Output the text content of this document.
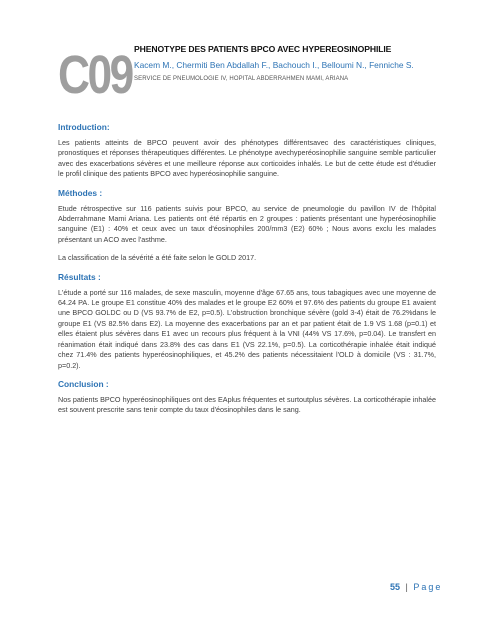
C09 PHENOTYPE DES PATIENTS BPCO AVEC HYPEREOSINOPHILIE

Kacem M., Chermiti Ben Abdallah F., Bachouch I., Belloumi N., Fenniche S.

SERVICE DE PNEUMOLOGIE IV, HOPITAL ABDERRAHMEN MAMI, ARIANA

Introduction:

Les patients atteints de BPCO peuvent avoir des phénotypes différentsavec des caractéristiques cliniques, pronostiques et réponses thérapeutiques différentes. Le phénotype avechyperéosinophilie sanguine semble particulier avec des exacerbations sévères et une meilleure réponse aux corticoides inhalés. Le but de cette étude est d'étudier le profil clinique des patients BPCO avec hyperéosinophilie sanguine.

Méthodes :

Etude rétrospective sur 116 patients suivis pour BPCO, au service de pneumologie du pavillon IV de l'hôpital Abderrahmane Mami Ariana. Les patients ont été répartis en 2 groupes : patients présentant une hyperéosinophilie sanguine (E1) : 40% et ceux avec un taux d'éosinophiles 200/mm3 (E2) 60% ; Nous avons exclu les malades présentant un ACO avec l'asthme.

La classification de la sévérité a été faite selon le GOLD 2017.

Résultats :

L'étude a porté sur 116 malades, de sexe masculin, moyenne d'âge 67.65 ans, tous tabagiques avec une moyenne de 64.24 PA. Le groupe E1 constitue 40% des malades et le groupe E2 60% et 97.6% des patients du groupe E1 avaient une BPCO GOLDC ou D (VS 93.7% de E2, p=0.5). L'obstruction bronchique sévère (gold 3-4) était de 76.2%dans le groupe E1 (VS 82.5% dans E2). La moyenne des exacerbations par an et par patient était de 1.9 VS 1.68 (p=0.1) et elles étaient plus sévères dans E1 avec un recours plus fréquent à la VNI (44% VS 17.6%, p=0.04). Le transfert en réanimation était indiqué dans 23.8% des cas dans E1 (VS 22.1%, p=0.5). La corticothérapie inhalée était indiqué chez 71.4% des patients hyperéosinophiliques, et 45.2% des patients nécessitaient l'OLD à domicile (VS : 31.7%, p=0.2).

Conclusion :

Nos patients BPCO hyperéosinophiliques ont des EAplus fréquentes et surtoutplus sévères. La corticothérapie inhalée est souvent prescrite sans tenir compte du taux d'éosinophiles dans le sang.

55 | Page
